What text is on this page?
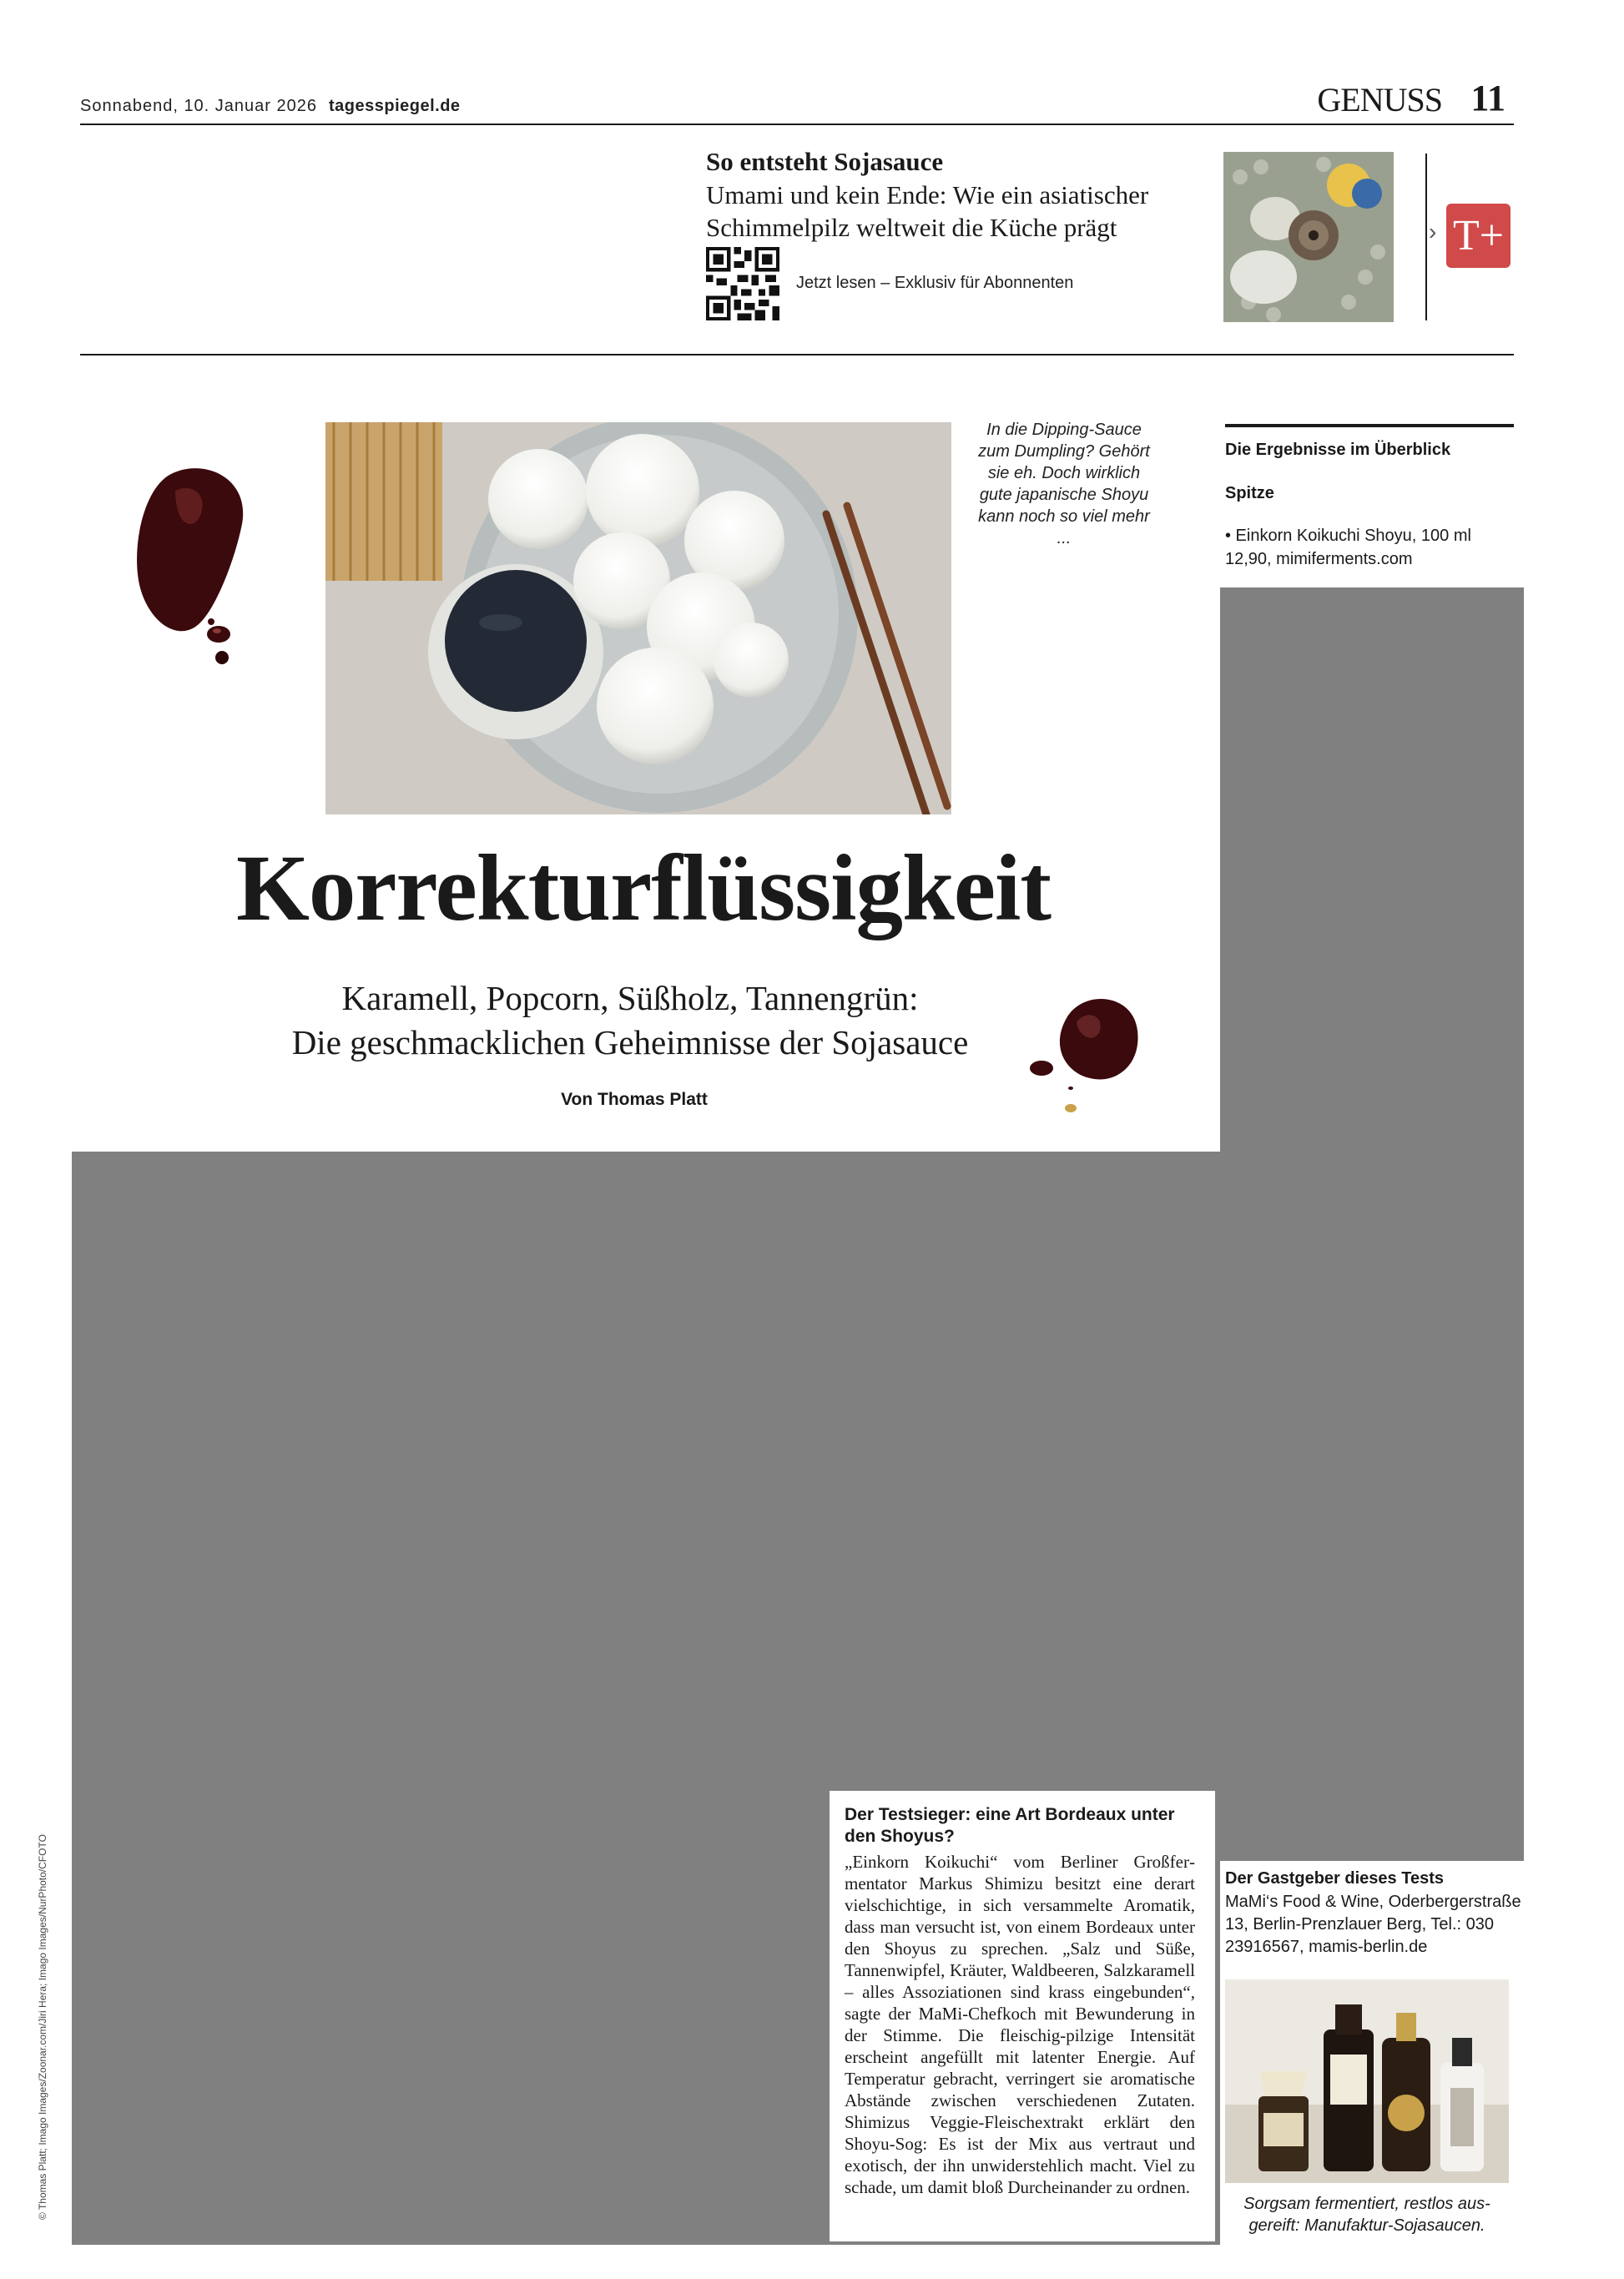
Sonnabend, 10. Januar 2026 tagesspiegel.de	GENUSS 11
So entsteht Sojasauce
Umami und kein Ende: Wie ein asiatischer Schimmelpilz weltweit die Küche prägt
Jetzt lesen – Exklusiv für Abonnenten
› T+
In die Dipping-Sauce zum Dumpling? Gehört sie eh. Doch wirklich gute japanische Shoyu kann noch so viel mehr ...
Die Ergebnisse im Überblick
Spitze
• Einkorn Koikuchi Shoyu, 100 ml 12,90, mimiferments.com
Korrekturflüssigkeit
Karamell, Popcorn, Süßholz, Tannengrün:
Die geschmacklichen Geheimnisse der Sojasauce
Von Thomas Platt
Der Testsieger: eine Art Bordeaux unter den Shoyus?
„Einkorn Koikuchi“ vom Berliner Großfermentator Markus Shimizu besitzt eine derart vielschichtige, in sich versammelte Aromatik, dass man versucht ist, von einem Bordeaux unter den Shoyus zu sprechen. „Salz und Süße, Tannenwipfel, Kräuter, Waldbeeren, Salzkaramell – alles Assoziationen sind krass eingebunden“, sagte der MaMi-Chefkoch mit Bewunderung in der Stimme. Die fleischig-pilzige Intensität erscheint angefüllt mit latenter Energie. Auf Temperatur gebracht, verringert sie aromatische Abstände zwischen verschiedenen Zutaten. Shimizus Veggie-Fleischextrakt erklärt den Shoyu-Sog: Es ist der Mix aus vertraut und exotisch, der ihn unwiderstehlich macht. Viel zu schade, um damit bloß Durcheinander zu ordnen.
Der Gastgeber dieses Tests
MaMi‘s Food & Wine, Oderbergerstraße 13, Berlin-Prenzlauer Berg, Tel.: 030 23916567, mamis-berlin.de
Sorgsam fermentiert, restlos ausgereift: Manufaktur-Sojasaucen.
© Thomas Platt; Imago Images/Zoonar.com/Jiri Hera; Imago Images/NurPhoto/CFOTO
